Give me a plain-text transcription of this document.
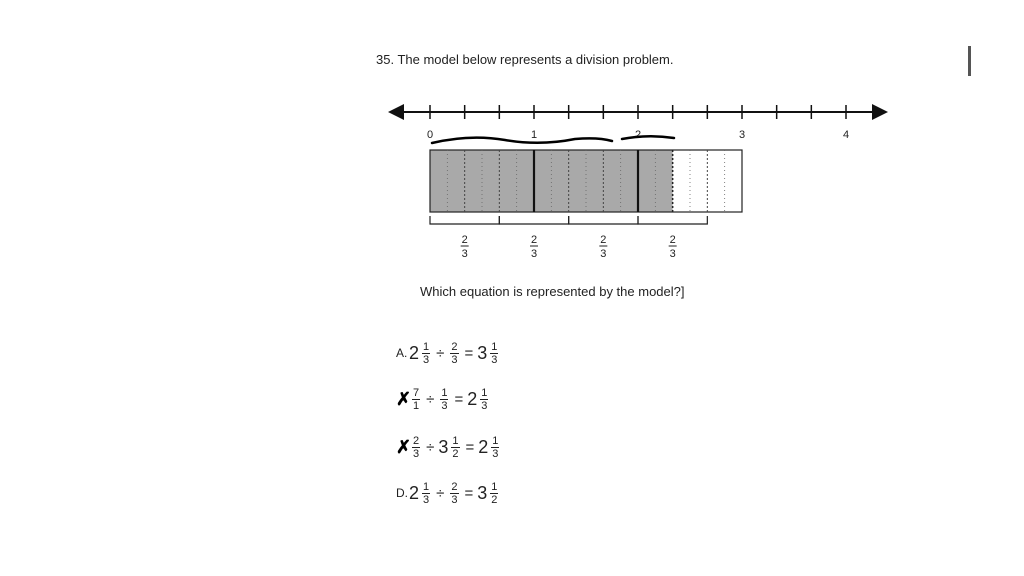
35. The model below represents a division problem.
0	1	2	3	4
2
3
2
3
2
3
2
3
Which equation is represented by the model?]
A. $2 \frac{1}{3} \div \frac{2}{3} = 3 \frac{1}{3}$
✗ $\frac{7}{1} \div \frac{1}{3} = 2 \frac{1}{3}$
✗ $\frac{2}{3} \div 3 \frac{1}{2} = 2 \frac{1}{3}$
D. $2 \frac{1}{3} \div \frac{2}{3} = 3 \frac{1}{2}$
